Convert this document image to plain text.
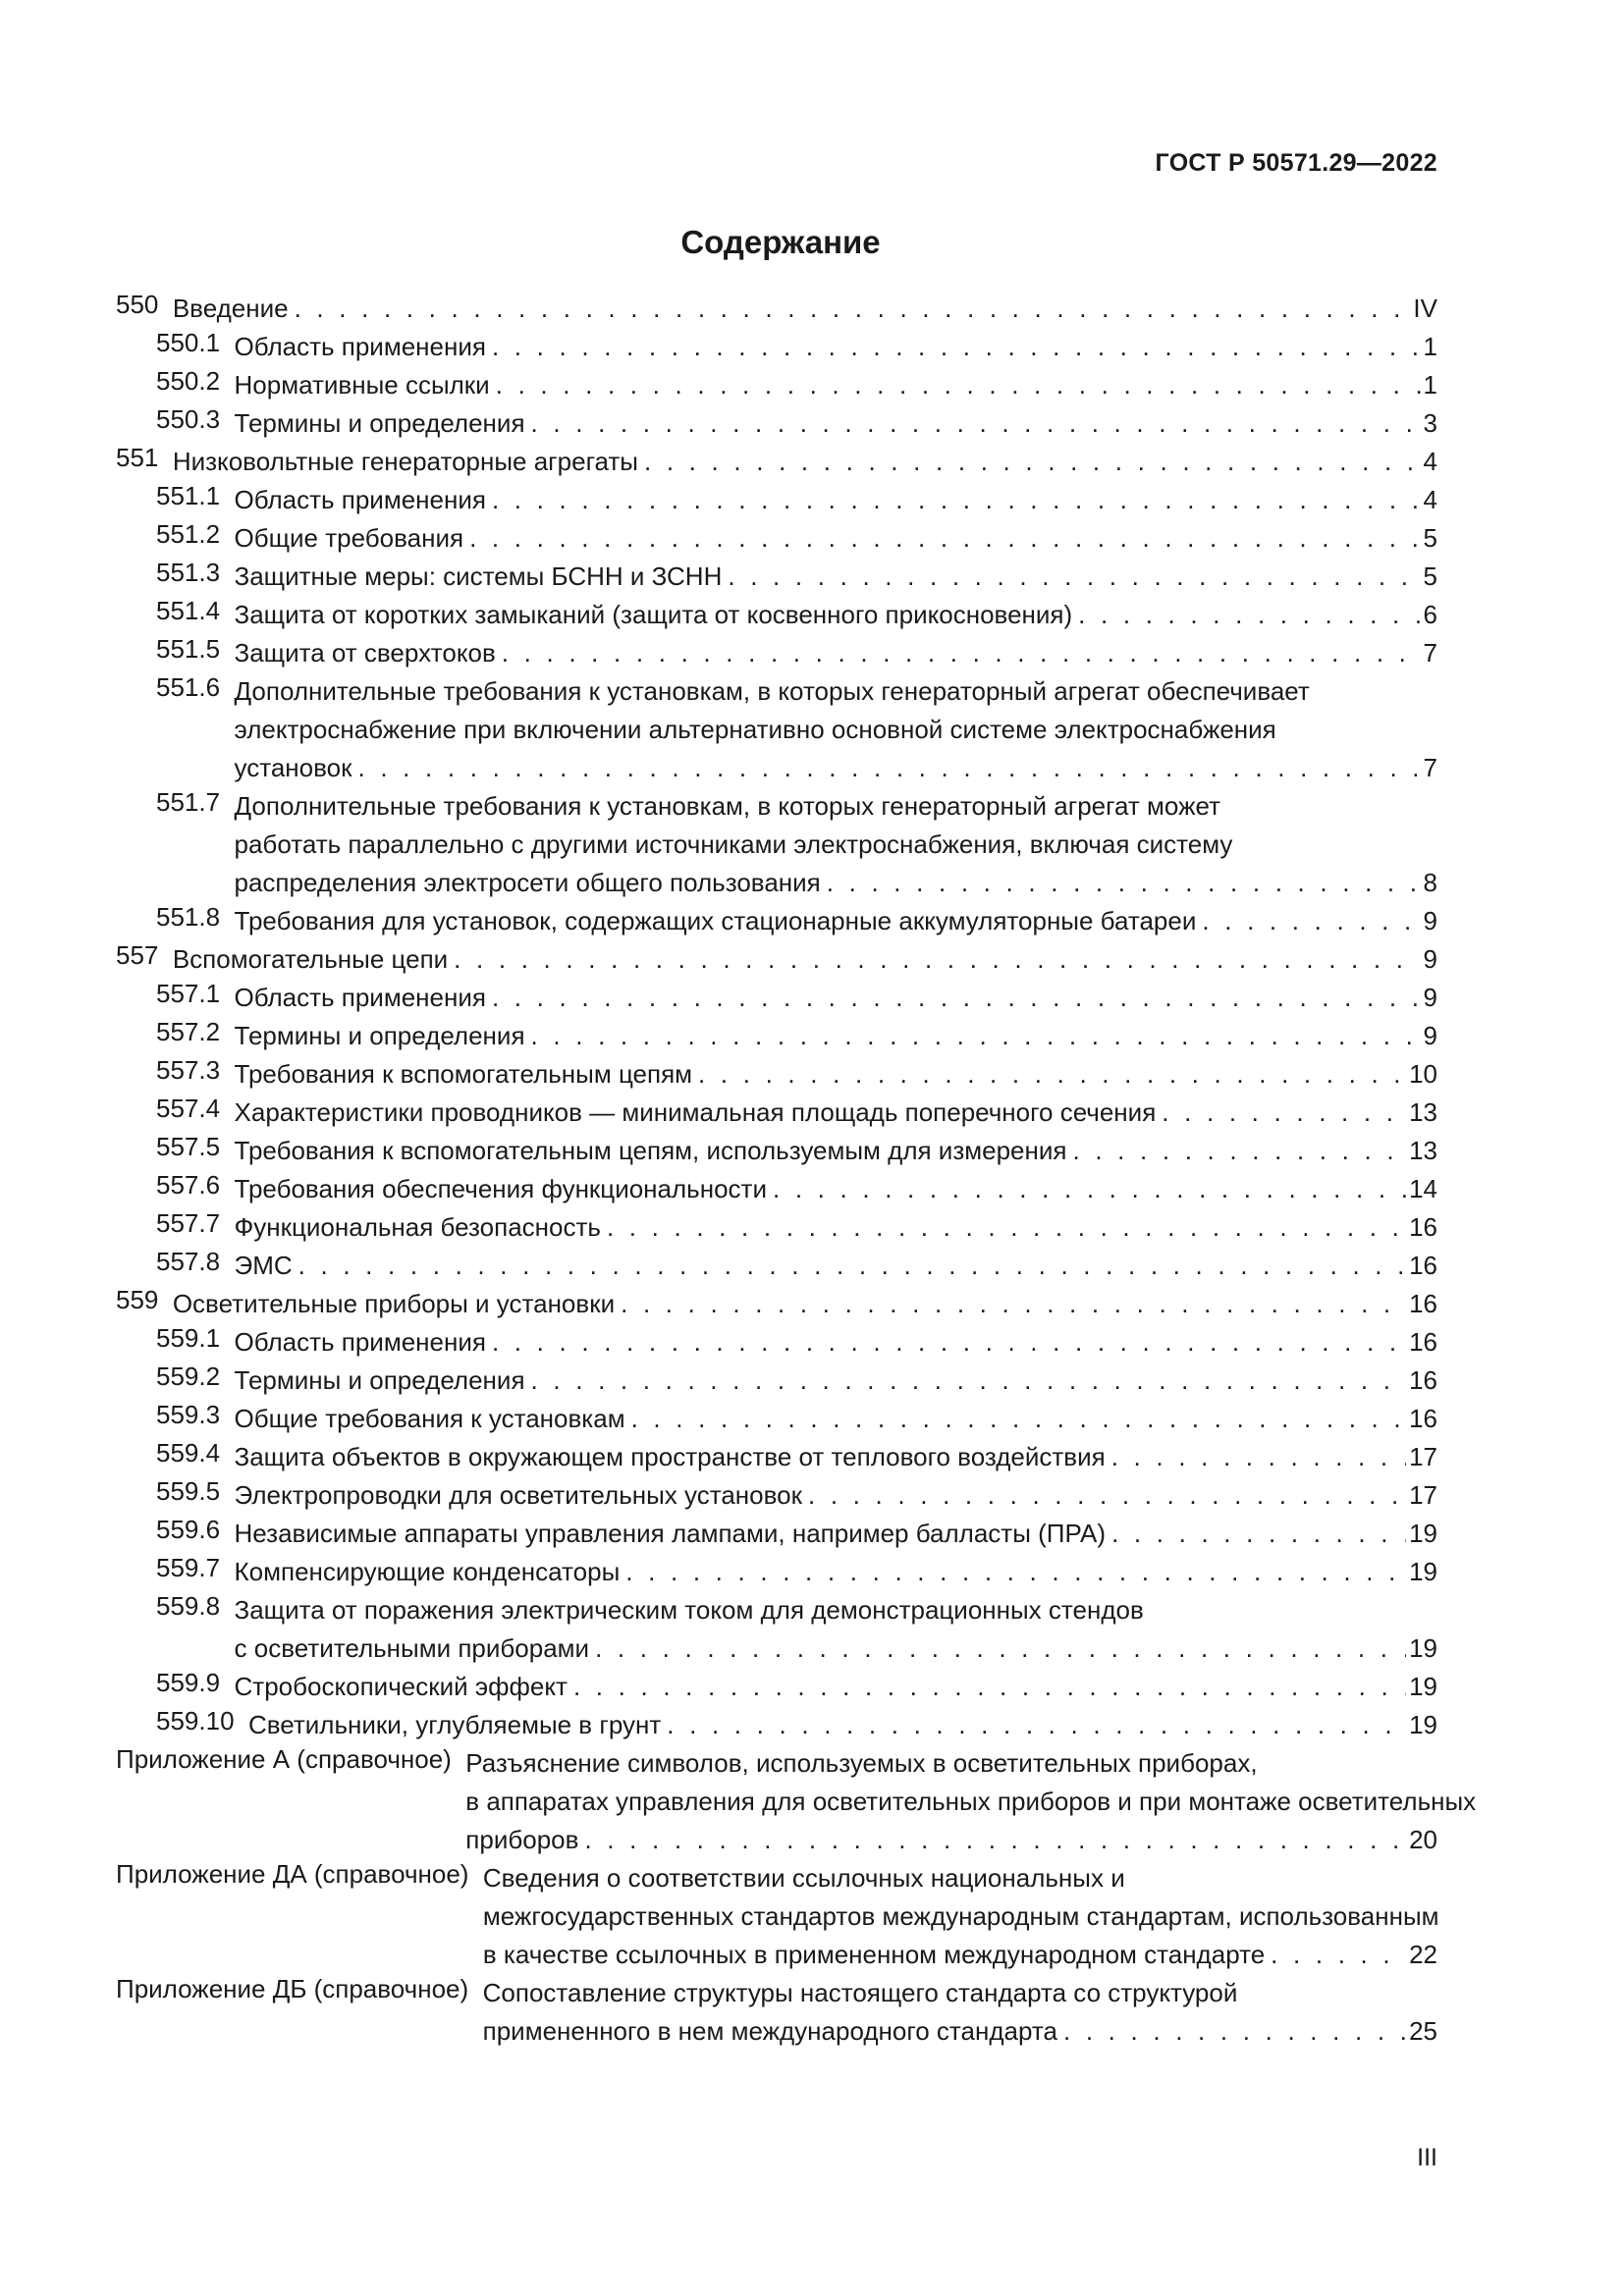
ГОСТ Р 50571.29—2022
Содержание
550 Введение . . .	IV
550.1 Область применения . . .	1
550.2 Нормативные ссылки . . .	1
550.3 Термины и определения . . .	3
551 Низковольтные генераторные агрегаты . . .	4
551.1 Область применения . . .	4
551.2 Общие требования . . .	5
551.3 Защитные меры: системы БСНН и ЗСНН . . .	5
551.4 Защита от коротких замыканий (защита от косвенного прикосновения) . . .	6
551.5 Защита от сверхтоков . . .	7
551.6 Дополнительные требования к установкам, в которых генераторный агрегат обеспечивает
электроснабжение при включении альтернативно основной системе электроснабжения
установок . . .	7
551.7 Дополнительные требования к установкам, в которых генераторный агрегат может
работать параллельно с другими источниками электроснабжения, включая систему
распределения электросети общего пользования . . .	8
551.8 Требования для установок, содержащих стационарные аккумуляторные батареи . . .	9
557 Вспомогательные цепи . . .	9
557.1 Область применения . . .	9
557.2 Термины и определения . . .	9
557.3 Требования к вспомогательным цепям . . .	10
557.4 Характеристики проводников — минимальная площадь поперечного сечения . . .	13
557.5 Требования к вспомогательным цепям, используемым для измерения . . .	13
557.6 Требования обеспечения функциональности . . .	14
557.7 Функциональная безопасность . . .	16
557.8 ЭМС . . .	16
559 Осветительные приборы и установки . . .	16
559.1 Область применения . . .	16
559.2 Термины и определения . . .	16
559.3 Общие требования к установкам . . .	16
559.4 Защита объектов в окружающем пространстве от теплового воздействия . . .	17
559.5 Электропроводки для осветительных установок . . .	17
559.6 Независимые аппараты управления лампами, например балласты (ПРА) . . .	19
559.7 Компенсирующие конденсаторы . . .	19
559.8 Защита от поражения электрическим током для демонстрационных стендов
с осветительными приборами . . .	19
559.9 Стробоскопический эффект . . .	19
559.10 Светильники, углубляемые в грунт . . .	19
Приложение А (справочное) Разъяснение символов, используемых в осветительных приборах,
в аппаратах управления для осветительных приборов и при монтаже осветительных
приборов . . .	20
Приложение ДА (справочное) Сведения о соответствии ссылочных национальных и
межгосударственных стандартов международным стандартам, использованным
в качестве ссылочных в примененном международном стандарте . . .	22
Приложение ДБ (справочное) Сопоставление структуры настоящего стандарта со структурой
примененного в нем международного стандарта . . .	25
III
